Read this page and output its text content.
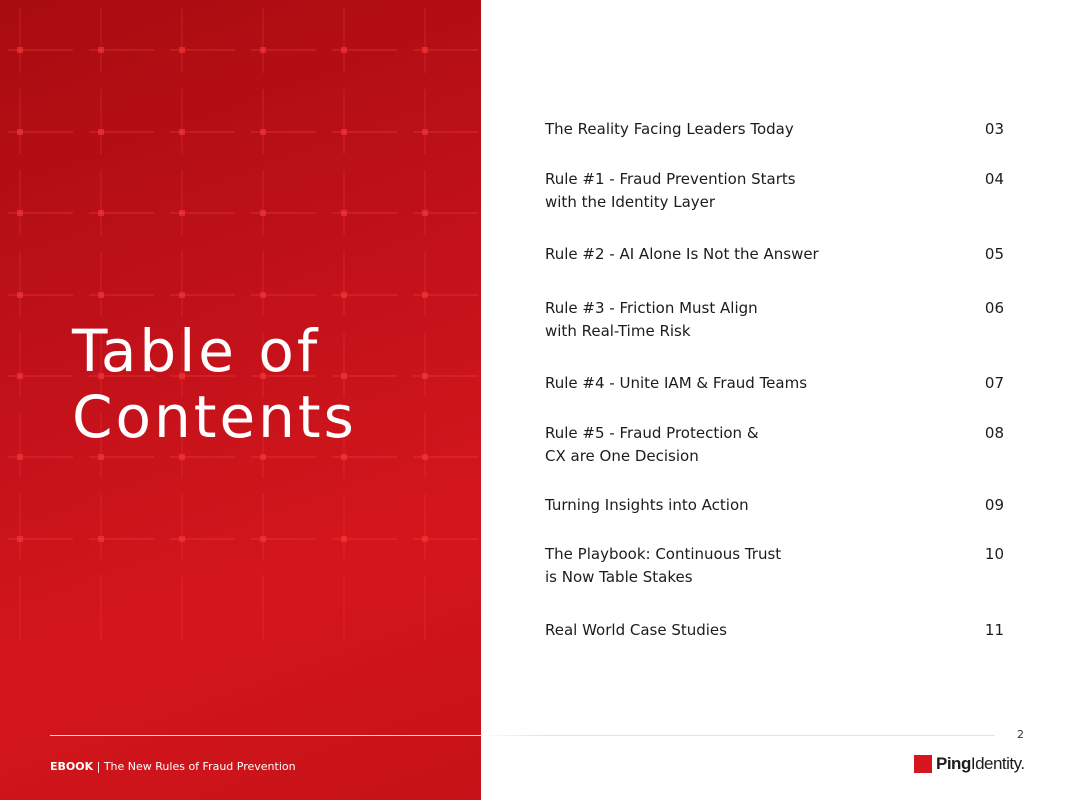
Table of
Contents
The Reality Facing Leaders Today	03
Rule #1 - Fraud Prevention Starts
with the Identity Layer
04
Rule #2 - AI Alone Is Not the Answer	05
Rule #3 - Friction Must Align
with Real-Time Risk
06
Rule #4 - Unite IAM & Fraud Teams	07
Rule #5 - Fraud Protection &
CX are One Decision
08
Turning Insights into Action	09
The Playbook: Continuous Trust
is Now Table Stakes
10
Real World Case Studies	11
2
EBOOK | The New Rules of Fraud Prevention	Ping Identity.
